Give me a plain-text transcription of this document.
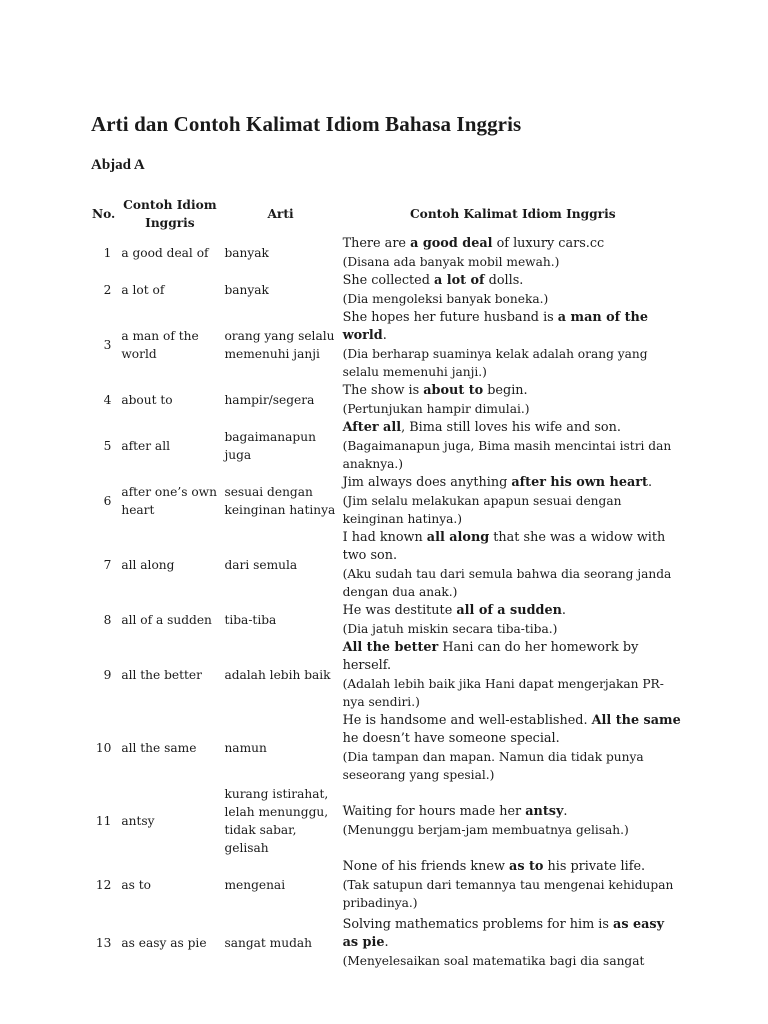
Arti dan Contoh Kalimat Idiom Bahasa Inggris
Abjad A
No.	Contoh Idiom Inggris	Arti	Contoh Kalimat Idiom Inggris
1	a good deal of	banyak	There are a good deal of luxury cars.cc
(Disana ada banyak mobil mewah.)

2	a lot of	banyak	She collected a lot of dolls.
(Dia mengoleksi banyak boneka.)

3	a man of the world	orang yang selalu memenuhi janji	She hopes her future husband is a man of the world.
(Dia berharap suaminya kelak adalah orang yang selalu memenuhi janji.)

4	about to	hampir/segera	The show is about to begin.
(Pertunjukan hampir dimulai.)

5	after all	bagaimanapun juga	After all, Bima still loves his wife and son.
(Bagaimanapun juga, Bima masih mencintai istri dan anaknya.)

6	after one’s own heart	sesuai dengan keinginan hatinya	Jim always does anything after his own heart.
(Jim selalu melakukan apapun sesuai dengan keinginan hatinya.)

7	all along	dari semula	I had known all along that she was a widow with two son.
(Aku sudah tau dari semula bahwa dia seorang janda dengan dua anak.)

8	all of a sudden	tiba-tiba	He was destitute all of a sudden.
(Dia jatuh miskin secara tiba-tiba.)

9	all the better	adalah lebih baik	All the better Hani can do her homework by herself.
(Adalah lebih baik jika Hani dapat mengerjakan PR-nya sendiri.)

10	all the same	namun	He is handsome and well-established. All the same he doesn’t have someone special.
(Dia tampan dan mapan. Namun dia tidak punya seseorang yang spesial.)

11	antsy	kurang istirahat, lelah menunggu, tidak sabar, gelisah	Waiting for hours made her antsy.
(Menunggu berjam-jam membuatnya gelisah.)

12	as to	mengenai	None of his friends knew as to his private life.
(Tak satupun dari temannya tau mengenai kehidupan pribadinya.)

13	as easy as pie	sangat mudah	Solving mathematics problems for him is as easy as pie.
(Menyelesaikan soal matematika bagi dia sangat
